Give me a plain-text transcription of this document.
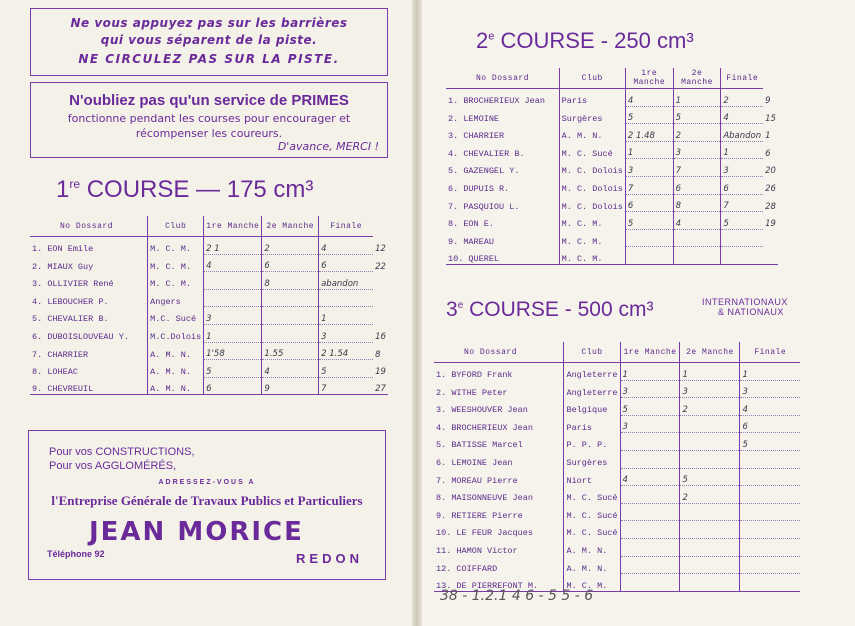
Ne vous appuyez pas sur les barrières
qui vous séparent de la piste.
NE CIRCULEZ PAS SUR LA PISTE.
N'oubliez pas qu'un service de PRIMES
fonctionne pendant les courses pour encourager et
récompenser les coureurs.
D'avance, MERCI !
1re COURSE — 175 cm³
No Dossard	Club	1re Manche	2e Manche	Finale	
1. EON Emile	M. C. M.	2 1	2	4	12
2. MIAUX Guy	M. C. M.	4	6	6	22
3. OLLIVIER René	M. C. M.		8	abandon	
4. LEBOUCHER P.	Angers				
5. CHEVALIER B.	M.C. Sucé	3		1	
6. DUBOISLOUVEAU Y.	M.C.Dolois	1		3	16
7. CHARRIER	A. M. N.	1'58	1.55	2 1.54	8
8. LOHEAC	A. M. N.	5	4	5	19
9. CHEVREUIL	A. M. N.	6	9	7	27
Pour vos CONSTRUCTIONS,
Pour vos AGGLOMÉRÉS,
ADRESSEZ-VOUS A
l'Entreprise Générale de Travaux Publics et Particuliers
JEAN MORICE
Téléphone 92	REDON
2e COURSE - 250 cm³
No Dossard	Club	1re Manche	2e Manche	Finale	
1. BROCHERIEUX Jean	Paris	4	1	2	9
2. LEMOINE	Surgères	5	5	4	15
3. CHARRIER	A. M. N.	2 1.48	2	Abandon	1
4. CHEVALIER B.	M. C. Sucé	1	3	1	6
5. GAZENGEL Y.	M. C. Dolois	3	7	3	20
6. DUPUIS R.	M. C. Dolois	7	6	6	26
7. PASQUIOU L.	M. C. Dolois	6	8	7	28
8. EON E.	M. C. M.	5	4	5	19
9. MAREAU	M. C. M.				
10. QUEREL	M. C. M.				
3e COURSE - 500 cm³	INTERNATIONAUX
& NATIONAUX
No Dossard	Club	1re Manche	2e Manche	Finale
1. BYFORD Frank	Angleterre	1	1	1
2. WITHE Peter	Angleterre	3	3	3
3. WEESHOUVER Jean	Belgique	5	2	4
4. BROCHERIEUX Jean	Paris	3		6
5. BATISSE Marcel	P. P. P.			5
6. LEMOINE Jean	Surgères			
7. MOREAU Pierre	Niort	4	5	
8. MAISONNEUVE Jean	M. C. Sucé		2	
9. RETIERE Pierre	M. C. Sucé			
10. LE FEUR Jacques	M. C. Sucé			
11. HAMON Victor	A. M. N.			
12. COIFFARD	A. M. N.			
13. DE PIERREFONT M.	M. C. M.			
38 - 1.2.1 4 6 - 5 5 - 6
